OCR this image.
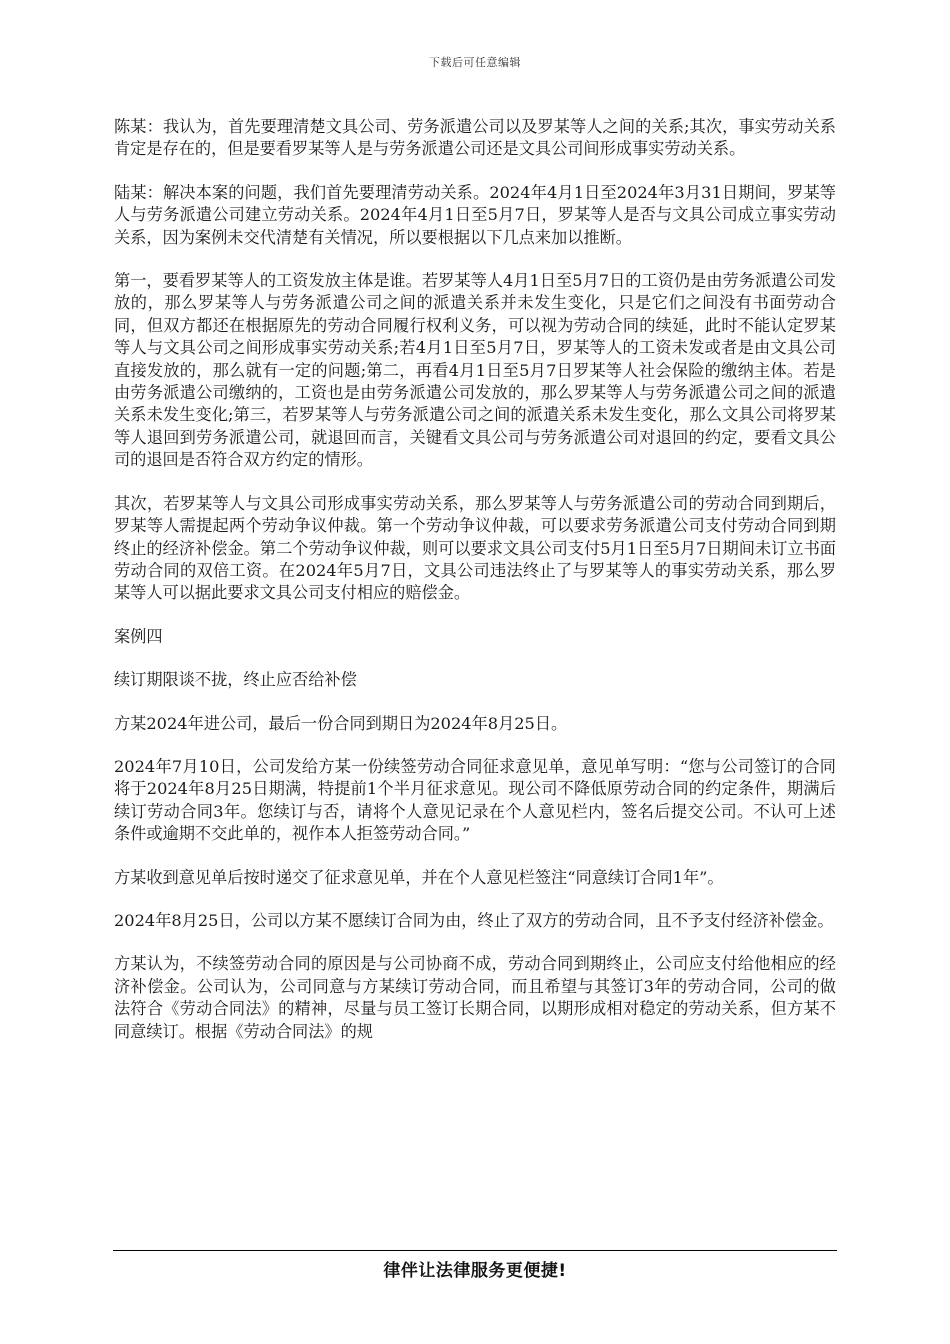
下载后可任意编辑

陈某：我认为，首先要理清楚文具公司、劳务派遣公司以及罗某等人之间的关系;其次，事实劳动关系肯定是存在的，但是要看罗某等人是与劳务派遣公司还是文具公司间形成事实劳动关系。

陆某：解决本案的问题，我们首先要理清劳动关系。2024年4月1日至2024年3月31日期间，罗某等人与劳务派遣公司建立劳动关系。2024年4月1日至5月7日，罗某等人是否与文具公司成立事实劳动关系，因为案例未交代清楚有关情况，所以要根据以下几点来加以推断。

第一，要看罗某等人的工资发放主体是谁。若罗某等人4月1日至5月7日的工资仍是由劳务派遣公司发放的，那么罗某等人与劳务派遣公司之间的派遣关系并未发生变化，只是它们之间没有书面劳动合同，但双方都还在根据原先的劳动合同履行权利义务，可以视为劳动合同的续延，此时不能认定罗某等人与文具公司之间形成事实劳动关系;若4月1日至5月7日，罗某等人的工资未发或者是由文具公司直接发放的，那么就有一定的问题;第二，再看4月1日至5月7日罗某等人社会保险的缴纳主体。若是由劳务派遣公司缴纳的，工资也是由劳务派遣公司发放的，那么罗某等人与劳务派遣公司之间的派遣关系未发生变化;第三，若罗某等人与劳务派遣公司之间的派遣关系未发生变化，那么文具公司将罗某等人退回到劳务派遣公司，就退回而言，关键看文具公司与劳务派遣公司对退回的约定，要看文具公司的退回是否符合双方约定的情形。

其次，若罗某等人与文具公司形成事实劳动关系，那么罗某等人与劳务派遣公司的劳动合同到期后，罗某等人需提起两个劳动争议仲裁。第一个劳动争议仲裁，可以要求劳务派遣公司支付劳动合同到期终止的经济补偿金。第二个劳动争议仲裁，则可以要求文具公司支付5月1日至5月7日期间未订立书面劳动合同的双倍工资。在2024年5月7日，文具公司违法终止了与罗某等人的事实劳动关系，那么罗某等人可以据此要求文具公司支付相应的赔偿金。

案例四

续订期限谈不拢，终止应否给补偿

方某2024年进公司，最后一份合同到期日为2024年8月25日。

2024年7月10日，公司发给方某一份续签劳动合同征求意见单，意见单写明：“您与公司签订的合同将于2024年8月25日期满，特提前1个半月征求意见。现公司不降低原劳动合同的约定条件，期满后续订劳动合同3年。您续订与否，请将个人意见记录在个人意见栏内，签名后提交公司。不认可上述条件或逾期不交此单的，视作本人拒签劳动合同。”

方某收到意见单后按时递交了征求意见单，并在个人意见栏签注“同意续订合同1年”。

2024年8月25日，公司以方某不愿续订合同为由，终止了双方的劳动合同，且不予支付经济补偿金。

方某认为，不续签劳动合同的原因是与公司协商不成，劳动合同到期终止，公司应支付给他相应的经济补偿金。公司认为，公司同意与方某续订劳动合同，而且希望与其签订3年的劳动合同，公司的做法符合《劳动合同法》的精神，尽量与员工签订长期合同，以期形成相对稳定的劳动关系，但方某不同意续订。根据《劳动合同法》的规

律伴让法律服务更便捷!
